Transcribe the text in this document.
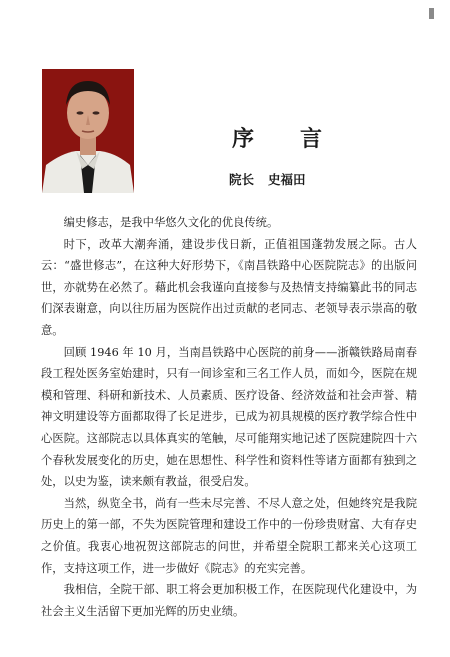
序　言
院长 史福田

编史修志，是我中华悠久文化的优良传统。

时下，改革大潮奔涌，建设步伐日新，正值祖国蓬勃发展之际。古人云：“盛世修志”，在这种大好形势下，《南昌铁路中心医院院志》的出版问世，亦就势在必然了。藉此机会我谨向直接参与及热情支持编纂此书的同志们深表谢意，向以往历届为医院作出过贡献的老同志、老领导表示崇高的敬意。

回顾 1946 年 10 月，当南昌铁路中心医院的前身——浙赣铁路局南春段工程处医务室始建时，只有一间诊室和三名工作人员，而如今，医院在规模和管理、科研和新技术、人员素质、医疗设备、经济效益和社会声誉、精神文明建设等方面都取得了长足进步，已成为初具规模的医疗教学综合性中心医院。这部院志以具体真实的笔触，尽可能翔实地记述了医院建院四十六个春秋发展变化的历史，她在思想性、科学性和资料性等诸方面都有独到之处，以史为鉴，读来颇有教益，很受启发。

当然，纵览全书，尚有一些未尽完善、不尽人意之处，但她终究是我院历史上的第一部，不失为医院管理和建设工作中的一份珍贵财富、大有存史之价值。我衷心地祝贺这部院志的问世，并希望全院职工都来关心这项工作，支持这项工作，进一步做好《院志》的充实完善。

我相信，全院干部、职工将会更加积极工作，在医院现代化建设中，为社会主义生活留下更加光辉的历史业绩。
